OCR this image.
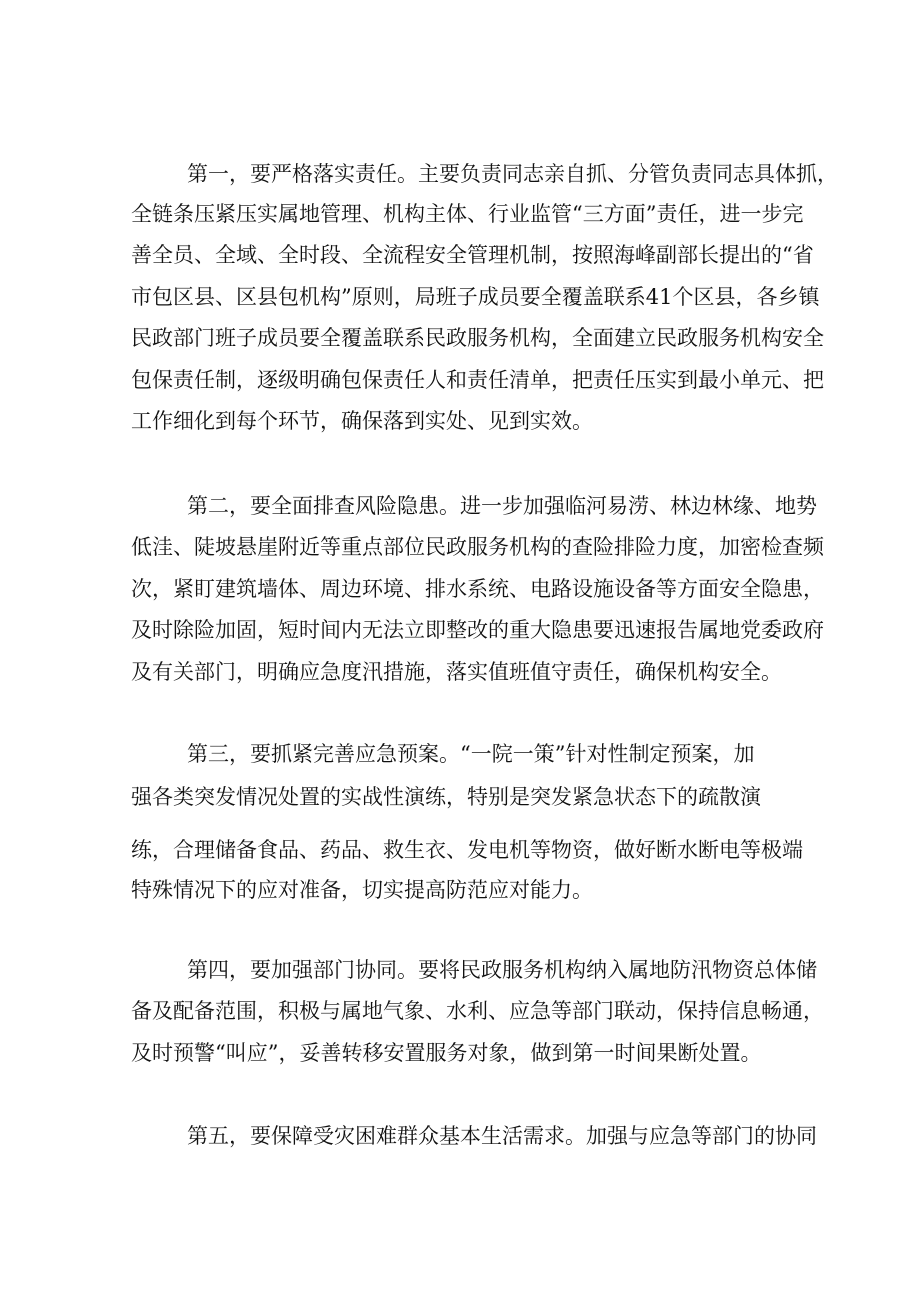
第一，要严格落实责任。主要负责同志亲自抓、分管负责同志具体抓，
全链条压紧压实属地管理、机构主体、行业监管“三方面”责任，进一步完
善全员、全域、全时段、全流程安全管理机制，按照海峰副部长提出的“省
市包区县、区县包机构”原则，局班子成员要全覆盖联系41个区县，各乡镇
民政部门班子成员要全覆盖联系民政服务机构，全面建立民政服务机构安全
包保责任制，逐级明确包保责任人和责任清单，把责任压实到最小单元、把
工作细化到每个环节，确保落到实处、见到实效。
第二，要全面排查风险隐患。进一步加强临河易涝、林边林缘、地势
低洼、陡坡悬崖附近等重点部位民政服务机构的查险排险力度，加密检查频
次，紧盯建筑墙体、周边环境、排水系统、电路设施设备等方面安全隐患，
及时除险加固，短时间内无法立即整改的重大隐患要迅速报告属地党委政府
及有关部门，明确应急度汛措施，落实值班值守责任，确保机构安全。
第三，要抓紧完善应急预案。“一院一策”针对性制定预案，加
强各类突发情况处置的实战性演练，特别是突发紧急状态下的疏散演
练，合理储备食品、药品、救生衣、发电机等物资，做好断水断电等极端
特殊情况下的应对准备，切实提高防范应对能力。
第四，要加强部门协同。要将民政服务机构纳入属地防汛物资总体储
备及配备范围，积极与属地气象、水利、应急等部门联动，保持信息畅通，
及时预警“叫应”，妥善转移安置服务对象，做到第一时间果断处置。
第五，要保障受灾困难群众基本生活需求。加强与应急等部门的协同
